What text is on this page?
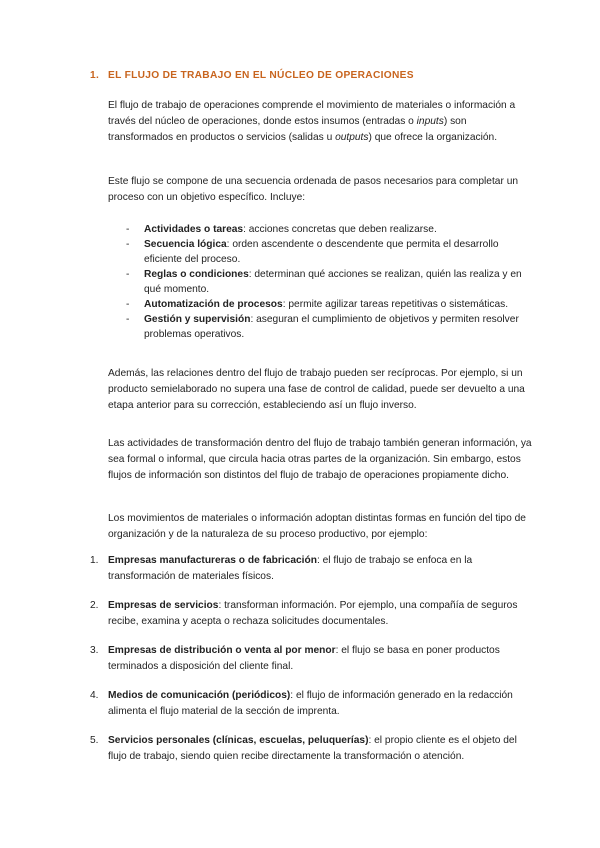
1. EL FLUJO DE TRABAJO EN EL NÚCLEO DE OPERACIONES

El flujo de trabajo de operaciones comprende el movimiento de materiales o información a través del núcleo de operaciones, donde estos insumos (entradas o inputs) son transformados en productos o servicios (salidas u outputs) que ofrece la organización.

Este flujo se compone de una secuencia ordenada de pasos necesarios para completar un proceso con un objetivo específico. Incluye:

- Actividades o tareas: acciones concretas que deben realizarse.
- Secuencia lógica: orden ascendente o descendente que permita el desarrollo eficiente del proceso.
- Reglas o condiciones: determinan qué acciones se realizan, quién las realiza y en qué momento.
- Automatización de procesos: permite agilizar tareas repetitivas o sistemáticas.
- Gestión y supervisión: aseguran el cumplimiento de objetivos y permiten resolver problemas operativos.

Además, las relaciones dentro del flujo de trabajo pueden ser recíprocas. Por ejemplo, si un producto semielaborado no supera una fase de control de calidad, puede ser devuelto a una etapa anterior para su corrección, estableciendo así un flujo inverso.

Las actividades de transformación dentro del flujo de trabajo también generan información, ya sea formal o informal, que circula hacia otras partes de la organización. Sin embargo, estos flujos de información son distintos del flujo de trabajo de operaciones propiamente dicho.

Los movimientos de materiales o información adoptan distintas formas en función del tipo de organización y de la naturaleza de su proceso productivo, por ejemplo:

1. Empresas manufactureras o de fabricación: el flujo de trabajo se enfoca en la transformación de materiales físicos.
2. Empresas de servicios: transforman información. Por ejemplo, una compañía de seguros recibe, examina y acepta o rechaza solicitudes documentales.
3. Empresas de distribución o venta al por menor: el flujo se basa en poner productos terminados a disposición del cliente final.
4. Medios de comunicación (periódicos): el flujo de información generado en la redacción alimenta el flujo material de la sección de imprenta.
5. Servicios personales (clínicas, escuelas, peluquerías): el propio cliente es el objeto del flujo de trabajo, siendo quien recibe directamente la transformación o atención.
